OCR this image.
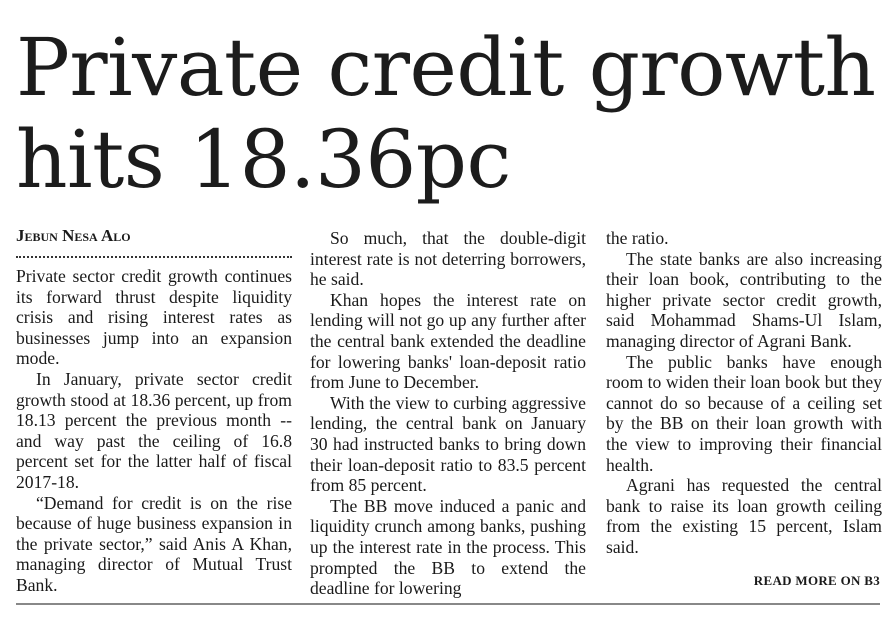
Private credit growth
hits 18.36pc
Jebun Nesa Alo

Private sector credit growth continues its forward thrust despite liquidity crisis and rising interest rates as businesses jump into an expansion mode.

In January, private sector credit growth stood at 18.36 percent, up from 18.13 percent the previous month -- and way past the ceiling of 16.8 percent set for the latter half of fiscal 2017-18.

“Demand for credit is on the rise because of huge business expansion in the private sector,” said Anis A Khan, managing director of Mutual Trust Bank.

So much, that the double-digit interest rate is not deterring borrowers, he said.

Khan hopes the interest rate on lending will not go up any further after the central bank extended the deadline for lowering banks' loan-deposit ratio from June to December.

With the view to curbing aggressive lending, the central bank on January 30 had instructed banks to bring down their loan-deposit ratio to 83.5 percent from 85 percent.

The BB move induced a panic and liquidity crunch among banks, pushing up the interest rate in the process. This prompted the BB to extend the deadline for lowering

the ratio.

The state banks are also increasing their loan book, contributing to the higher private sector credit growth, said Mohammad Shams-Ul Islam, managing director of Agrani Bank.

The public banks have enough room to widen their loan book but they cannot do so because of a ceiling set by the BB on their loan growth with the view to improving their financial health.

Agrani has requested the central bank to raise its loan growth ceiling from the existing 15 percent, Islam said.

READ MORE ON B3
